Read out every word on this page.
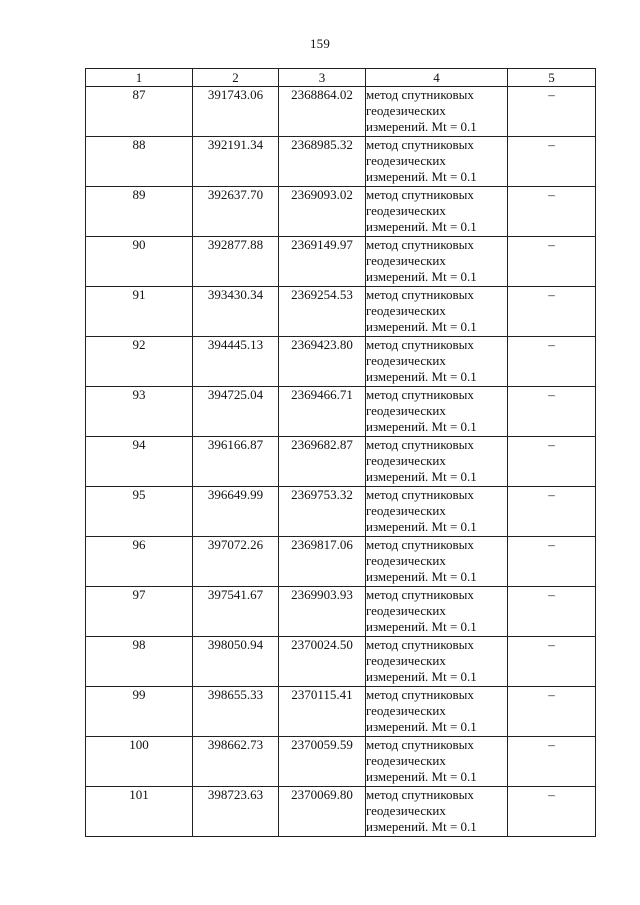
159
1	2	3	4	5
87	391743.06	2368864.02	метод спутниковых
геодезических
измерений. Mt = 0.1	–
88	392191.34	2368985.32	метод спутниковых
геодезических
измерений. Mt = 0.1	–
89	392637.70	2369093.02	метод спутниковых
геодезических
измерений. Mt = 0.1	–
90	392877.88	2369149.97	метод спутниковых
геодезических
измерений. Mt = 0.1	–
91	393430.34	2369254.53	метод спутниковых
геодезических
измерений. Mt = 0.1	–
92	394445.13	2369423.80	метод спутниковых
геодезических
измерений. Mt = 0.1	–
93	394725.04	2369466.71	метод спутниковых
геодезических
измерений. Mt = 0.1	–
94	396166.87	2369682.87	метод спутниковых
геодезических
измерений. Mt = 0.1	–
95	396649.99	2369753.32	метод спутниковых
геодезических
измерений. Mt = 0.1	–
96	397072.26	2369817.06	метод спутниковых
геодезических
измерений. Mt = 0.1	–
97	397541.67	2369903.93	метод спутниковых
геодезических
измерений. Mt = 0.1	–
98	398050.94	2370024.50	метод спутниковых
геодезических
измерений. Mt = 0.1	–
99	398655.33	2370115.41	метод спутниковых
геодезических
измерений. Mt = 0.1	–
100	398662.73	2370059.59	метод спутниковых
геодезических
измерений. Mt = 0.1	–
101	398723.63	2370069.80	метод спутниковых
геодезических
измерений. Mt = 0.1	–
